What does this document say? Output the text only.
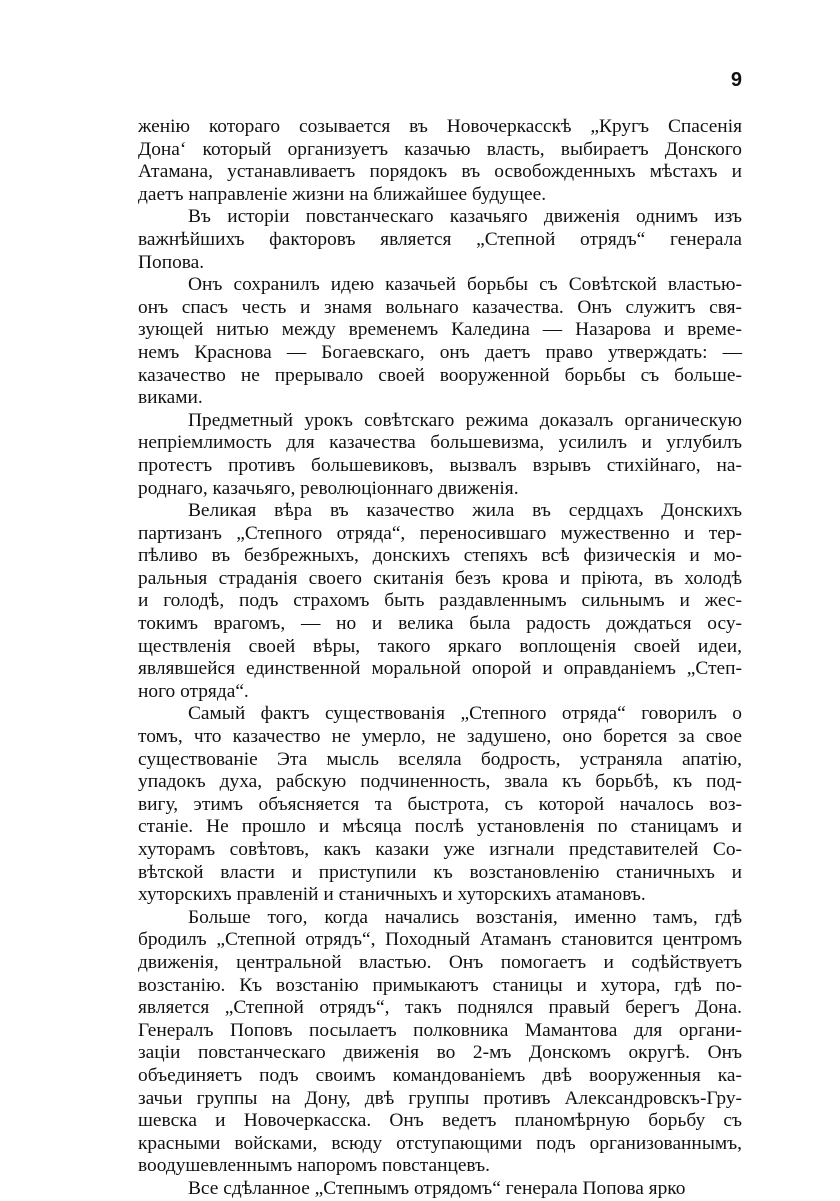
9
женію котораго созывается въ Новочеркасскѣ „Кругъ Спасенія
Дона‘ который организуетъ казачью власть, выбираетъ Донского
Атамана, устанавливаетъ порядокъ въ освобожденныхъ мѣстахъ и
даетъ направленіе жизни на ближайшее будущее.
Въ исторіи повстанческаго казачьяго движенія однимъ изъ
важнѣйшихъ факторовъ является „Степной отрядъ“ генерала
Попова.
Онъ сохранилъ идею казачьей борьбы съ Совѣтской властью-
онъ спасъ честь и знамя вольнаго казачества. Онъ служитъ свя-
зующей нитью между временемъ Каледина — Назарова и време-
немъ Краснова — Богаевскаго, онъ даетъ право утверждать: —
казачество не прерывало своей вооруженной борьбы съ больше-
виками.
Предметный урокъ совѣтскаго режима доказалъ органическую
непріемлимость для казачества большевизма, усилилъ и углубилъ
протестъ противъ большевиковъ, вызвалъ взрывъ стихійнаго, на-
роднаго, казачьяго, революціоннаго движенія.
Великая вѣра въ казачество жила въ сердцахъ Донскихъ
партизанъ „Степного отряда“, переносившаго мужественно и тер-
пѣливо въ безбрежныхъ, донскихъ степяхъ всѣ физическія и мо-
ральныя страданія своего скитанія безъ крова и пріюта, въ холодѣ
и голодѣ, подъ страхомъ быть раздавленнымъ сильнымъ и жес-
токимъ врагомъ, — но и велика была радость дождаться осу-
ществленія своей вѣры, такого яркаго воплощенія своей идеи,
являвшейся единственной моральной опорой и оправданіемъ „Степ-
ного отряда“.
Самый фактъ существованія „Степного отряда“ говорилъ о
томъ, что казачество не умерло, не задушено, оно борется за свое
существованіе Эта мысль вселяла бодрость, устраняла апатію,
упадокъ духа, рабскую подчиненность, звала къ борьбѣ, къ под-
вигу, этимъ объясняется та быстрота, съ которой началось воз-
станіе. Не прошло и мѣсяца послѣ установленія по станицамъ и
хуторамъ совѣтовъ, какъ казаки уже изгнали представителей Со-
вѣтской власти и приступили къ возстановленію станичныхъ и
хуторскихъ правленій и станичныхъ и хуторскихъ атамановъ.
Больше того, когда начались возстанія, именно тамъ, гдѣ
бродилъ „Степной отрядъ“, Походный Атаманъ становится центромъ
движенія, центральной властью. Онъ помогаетъ и содѣйствуетъ
возстанію. Къ возстанію примыкаютъ станицы и хутора, гдѣ по-
является „Степной отрядъ“, такъ поднялся правый берегъ Дона.
Генералъ Поповъ посылаетъ полковника Мамантова для органи-
заціи повстанческаго движенія во 2-мъ Донскомъ округѣ. Онъ
объединяетъ подъ своимъ командованіемъ двѣ вооруженныя ка-
зачьи группы на Дону, двѣ группы противъ Александровскъ-Гру-
шевска и Новочеркасска. Онъ ведетъ планомѣрную борьбу съ
красными войсками, всюду отступающими подъ организованнымъ,
воодушевленнымъ напоромъ повстанцевъ.
Все сдѣланное „Степнымъ отрядомъ“ генерала Попова ярко
